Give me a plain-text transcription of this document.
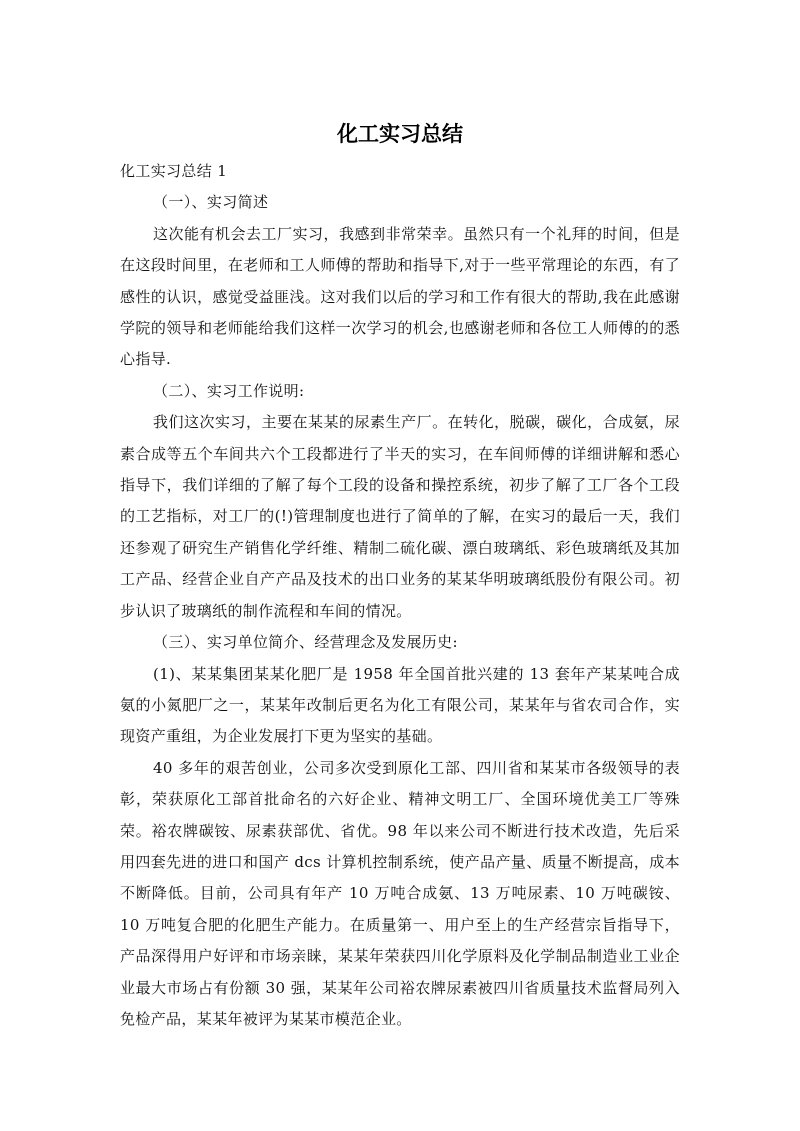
化工实习总结

化工实习总结 1

（一）、实习简述

这次能有机会去工厂实习，我感到非常荣幸。虽然只有一个礼拜的时间，但是在这段时间里，在老师和工人师傅的帮助和指导下,对于一些平常理论的东西，有了感性的认识，感觉受益匪浅。这对我们以后的学习和工作有很大的帮助,我在此感谢学院的领导和老师能给我们这样一次学习的机会,也感谢老师和各位工人师傅的的悉心指导.

（二）、实习工作说明:

我们这次实习，主要在某某的尿素生产厂。在转化，脱碳，碳化，合成氨，尿素合成等五个车间共六个工段都进行了半天的实习，在车间师傅的详细讲解和悉心指导下，我们详细的了解了每个工段的设备和操控系统，初步了解了工厂各个工段的工艺指标，对工厂的(!)管理制度也进行了简单的了解，在实习的最后一天，我们还参观了研究生产销售化学纤维、精制二硫化碳、漂白玻璃纸、彩色玻璃纸及其加工产品、经营企业自产产品及技术的出口业务的某某华明玻璃纸股份有限公司。初步认识了玻璃纸的制作流程和车间的情况。

（三）、实习单位简介、经营理念及发展历史:

(1)、某某集团某某化肥厂是 1958 年全国首批兴建的 13 套年产某某吨合成氨的小氮肥厂之一，某某年改制后更名为化工有限公司，某某年与省农司合作，实现资产重组，为企业发展打下更为坚实的基础。

40 多年的艰苦创业，公司多次受到原化工部、四川省和某某市各级领导的表彰，荣获原化工部首批命名的六好企业、精神文明工厂、全国环境优美工厂等殊荣。裕农牌碳铵、尿素获部优、省优。98 年以来公司不断进行技术改造，先后采用四套先进的进口和国产 dcs 计算机控制系统，使产品产量、质量不断提高，成本不断降低。目前，公司具有年产 10 万吨合成氨、13 万吨尿素、10 万吨碳铵、10 万吨复合肥的化肥生产能力。在质量第一、用户至上的生产经营宗旨指导下，产品深得用户好评和市场亲睐，某某年荣获四川化学原料及化学制品制造业工业企业最大市场占有份额 30 强，某某年公司裕农牌尿素被四川省质量技术监督局列入免检产品，某某年被评为某某市模范企业。
